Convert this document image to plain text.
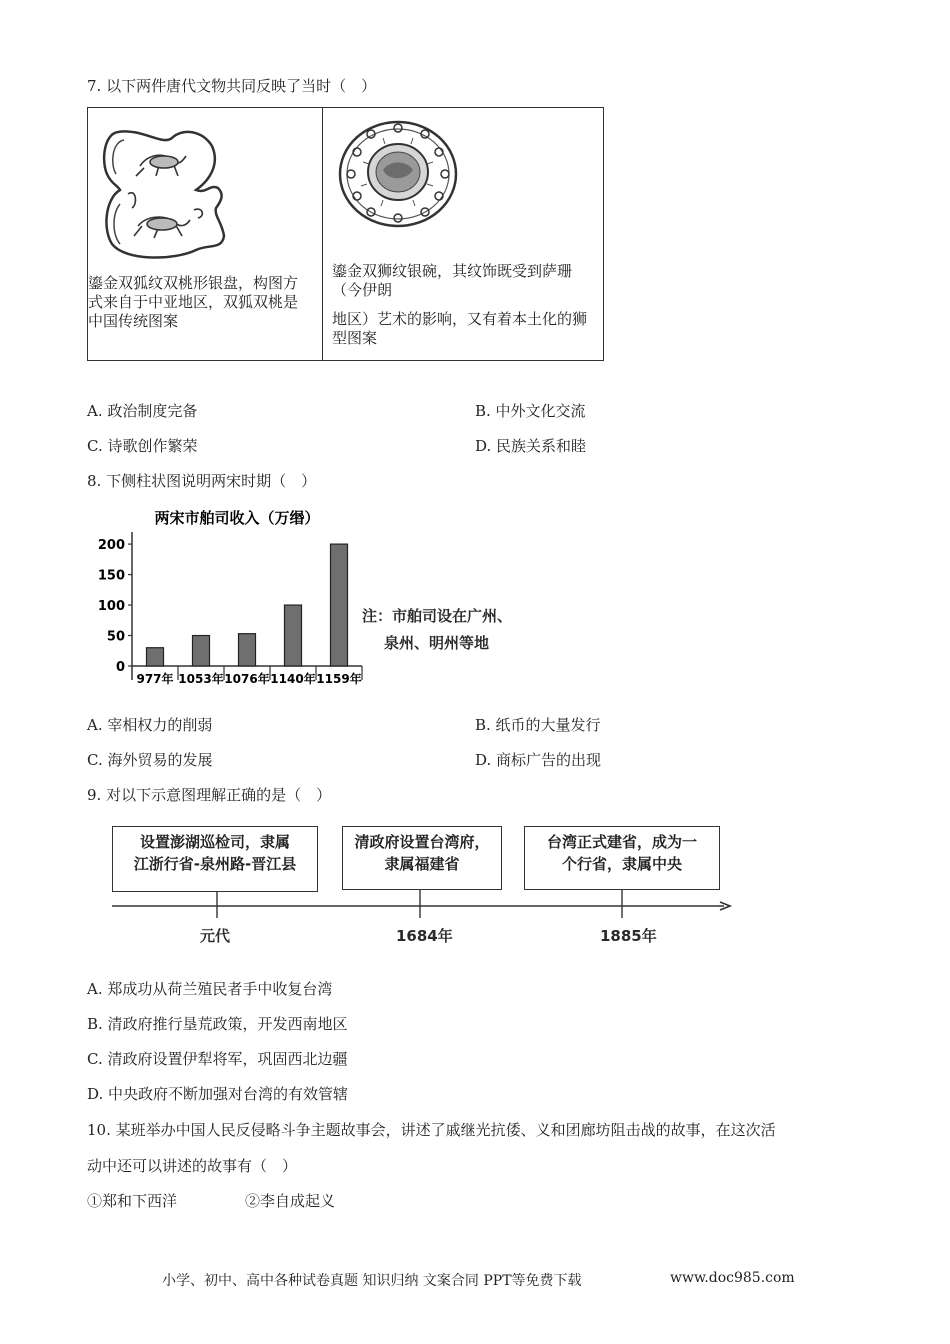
7. 以下两件唐代文物共同反映了当时（　）
鎏金双狐纹双桃形银盘，构图方式来自于中亚地区，双狐双桃是中国传统图案

鎏金双狮纹银碗，其纹饰既受到萨珊（今伊朗
地区）艺术的影响，又有着本土化的狮型图案
A. 政治制度完备	B. 中外文化交流
C. 诗歌创作繁荣	D. 民族关系和睦
8. 下侧柱状图说明两宋时期（　）
两宋市舶司收入（万缗）
0
50
100
150
200
977年 1053年 1076年 1140年 1159年
注：市舶司设在广州、
泉州、明州等地
A. 宰相权力的削弱	B. 纸币的大量发行
C. 海外贸易的发展	D. 商标广告的出现
9. 对以下示意图理解正确的是（　）
设置澎湖巡检司，隶属
江浙行省-泉州路-晋江县
清政府设置台湾府，
隶属福建省
台湾正式建省，成为一
个行省，隶属中央
元代	1684年	1885年
A. 郑成功从荷兰殖民者手中收复台湾
B. 清政府推行垦荒政策，开发西南地区
C. 清政府设置伊犁将军，巩固西北边疆
D. 中央政府不断加强对台湾的有效管辖
10. 某班举办中国人民反侵略斗争主题故事会，讲述了戚继光抗倭、义和团廊坊阻击战的故事，在这次活
动中还可以讲述的故事有（　）
①郑和下西洋	②李自成起义
小学、初中、高中各种试卷真题 知识归纳 文案合同 PPT等免费下载	www.doc985.com
